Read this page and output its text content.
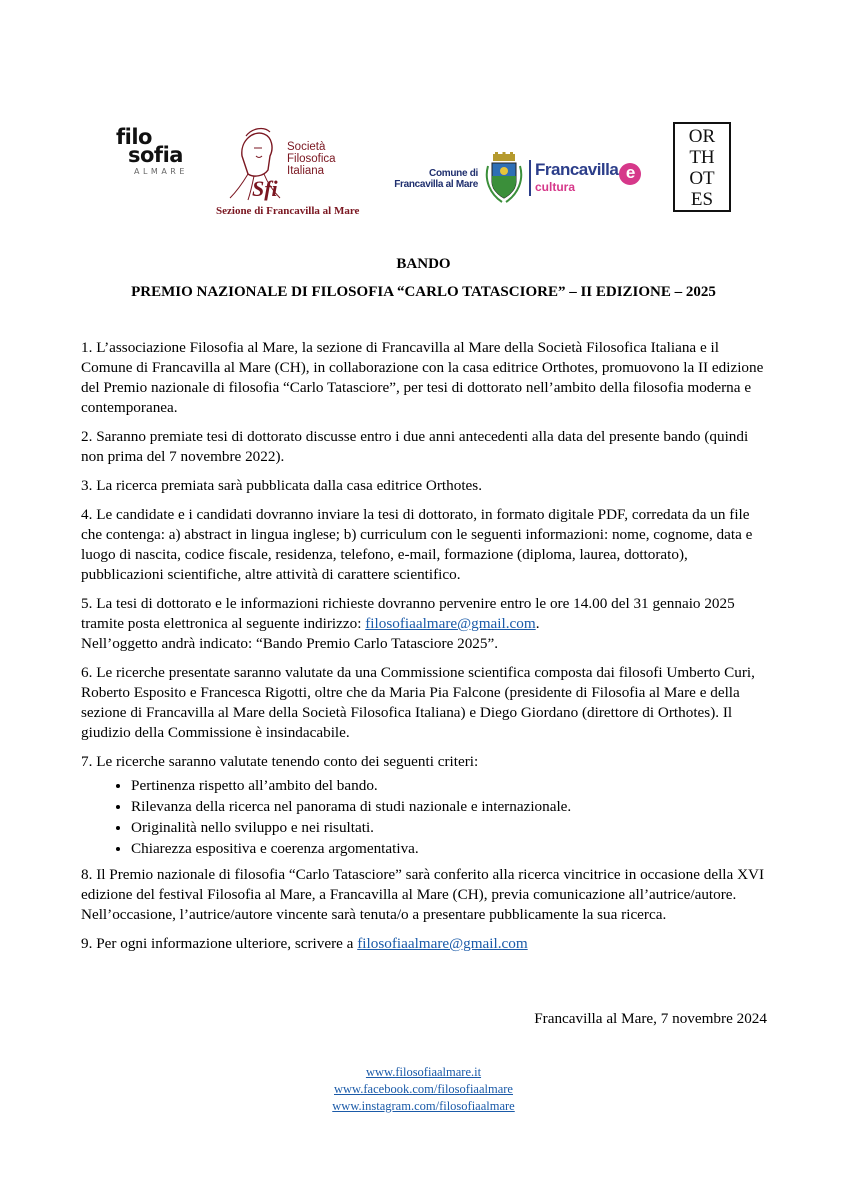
filo
sofia
ALMARE
Sfi
Società
Filosofica
Italiana
Sezione di Francavilla al Mare
Comune di
Francavilla al Mare
Francavilla e
cultura
OR
TH
OT
ES
BANDO
PREMIO NAZIONALE DI FILOSOFIA “CARLO TATASCIORE” – II EDIZIONE – 2025

1. L’associazione Filosofia al Mare, la sezione di Francavilla al Mare della Società Filosofica Italiana e il Comune di Francavilla al Mare (CH), in collaborazione con la casa editrice Orthotes, promuovono la II edizione del Premio nazionale di filosofia “Carlo Tatasciore”, per tesi di dottorato nell’ambito della filosofia moderna e contemporanea.

2. Saranno premiate tesi di dottorato discusse entro i due anni antecedenti alla data del presente bando (quindi non prima del 7 novembre 2022).

3. La ricerca premiata sarà pubblicata dalla casa editrice Orthotes.

4. Le candidate e i candidati dovranno inviare la tesi di dottorato, in formato digitale PDF, corredata da un file che contenga: a) abstract in lingua inglese; b) curriculum con le seguenti informazioni: nome, cognome, data e luogo di nascita, codice fiscale, residenza, telefono, e-mail, formazione (diploma, laurea, dottorato), pubblicazioni scientifiche, altre attività di carattere scientifico.

5. La tesi di dottorato e le informazioni richieste dovranno pervenire entro le ore 14.00 del 31 gennaio 2025 tramite posta elettronica al seguente indirizzo: filosofiaalmare@gmail.com.
Nell’oggetto andrà indicato: “Bando Premio Carlo Tatasciore 2025”.

6. Le ricerche presentate saranno valutate da una Commissione scientifica composta dai filosofi Umberto Curi, Roberto Esposito e Francesca Rigotti, oltre che da Maria Pia Falcone (presidente di Filosofia al Mare e della sezione di Francavilla al Mare della Società Filosofica Italiana) e Diego Giordano (direttore di Orthotes). Il giudizio della Commissione è insindacabile.

7. Le ricerche saranno valutate tenendo conto dei seguenti criteri:

• Pertinenza rispetto all’ambito del bando.
• Rilevanza della ricerca nel panorama di studi nazionale e internazionale.
• Originalità nello sviluppo e nei risultati.
• Chiarezza espositiva e coerenza argomentativa.

8. Il Premio nazionale di filosofia “Carlo Tatasciore” sarà conferito alla ricerca vincitrice in occasione della XVI edizione del festival Filosofia al Mare, a Francavilla al Mare (CH), previa comunicazione all’autrice/autore. Nell’occasione, l’autrice/autore vincente sarà tenuta/o a presentare pubblicamente la sua ricerca.

9. Per ogni informazione ulteriore, scrivere a filosofiaalmare@gmail.com

Francavilla al Mare, 7 novembre 2024
www.filosofiaalmare.it
www.facebook.com/filosofiaalmare
www.instagram.com/filosofiaalmare
